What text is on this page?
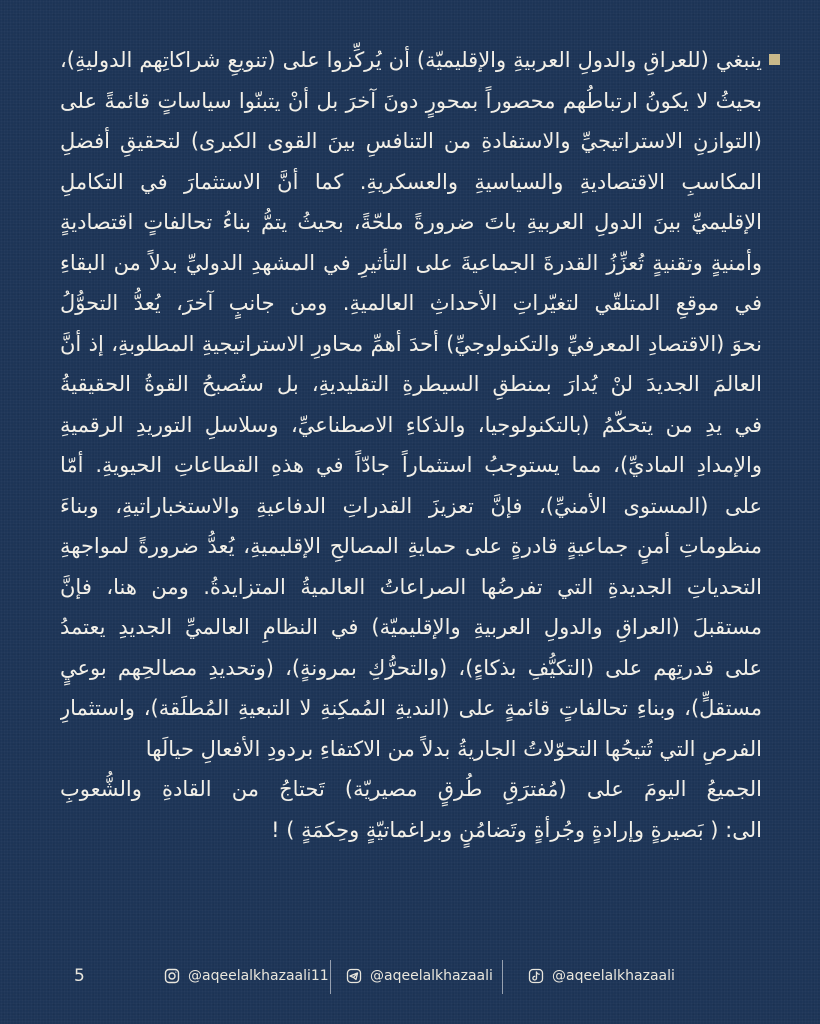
ينبغي (للعراقِ والدولِ العربيةِ والإقليميّة) أن يُركِّزوا على (تنويعِ شراكاتِهم الدوليةِ)،
بحيثُ لا يكونُ ارتباطُهم محصوراً بمحورٍ دونَ آخرَ بل أنْ يتبنّوا سياساتٍ قائمةً على
(التوازنِ الاستراتيجيِّ والاستفادةِ من التنافسِ بينَ القوى الكبرى) لتحقيقِ أفضلِ
المكاسبِ الاقتصاديةِ والسياسيةِ والعسكريةِ. كما أنَّ الاستثمارَ في التكاملِ
الإقليميِّ بينَ الدولِ العربيةِ باتَ ضرورةً ملحّةً، بحيثُ يتمُّ بناءُ تحالفاتٍ اقتصاديةٍ
وأمنيةٍ وتقنيةٍ تُعزِّزُ القدرةَ الجماعيةَ على التأثيرِ في المشهدِ الدوليِّ بدلاً من البقاءِ
في موقعِ المتلقّي لتغيّراتِ الأحداثِ العالميةِ. ومن جانبٍ آخرَ، يُعدُّ التحوُّلُ
نحوَ (الاقتصادِ المعرفيِّ والتكنولوجيِّ) أحدَ أهمِّ محاورِ الاستراتيجيةِ المطلوبةِ، إذ أنَّ
العالمَ الجديدَ لنْ يُدارَ بمنطقِ السيطرةِ التقليديةِ، بل ستُصبحُ القوةُ الحقيقيةُ
في يدِ من يتحكّمُ (بالتكنولوجيا، والذكاءِ الاصطناعيِّ، وسلاسلِ التوريدِ الرقميةِ
والإمدادِ الماديِّ)، مما يستوجبُ استثماراً جادّاً في هذهِ القطاعاتِ الحيويةِ. أمّا
على (المستوى الأمنيِّ)، فإنَّ تعزيزَ القدراتِ الدفاعيةِ والاستخباراتيةِ، وبناءَ
منظوماتِ أمنٍ جماعيةٍ قادرةٍ على حمايةِ المصالحِ الإقليميةِ، يُعدُّ ضرورةً لمواجهةِ
التحدياتِ الجديدةِ التي تفرضُها الصراعاتُ العالميةُ المتزايدةُ. ومن هنا، فإنَّ
مستقبلَ (العراقِ والدولِ العربيةِ والإقليميّة) في النظامِ العالميِّ الجديدِ يعتمدُ
على قدرتِهم على (التكيُّفِ بذكاءٍ)، (والتحرُّكِ بمرونةٍ)، (وتحديدِ مصالحِهم بوعيٍ
مستقلٍّ)، وبناءِ تحالفاتٍ قائمةٍ على (النديةِ المُمكِنةِ لا التبعيةِ المُطلَقة)، واستثمارِ
الفرصِ التي تُتيحُها التحوّلاتُ الجاريةُ بدلاً من الاكتفاءِ بردودِ الأفعالِ حيالَها
الجميعُ اليومَ على (مُفترَقِ طُرقٍ مصيريّة) تَحتاجُ من القادةِ والشُّعوبِ
الى: ( بَصيرةٍ وإرادةٍ وجُرأةٍ وتَضامُنٍ وبراغماتيّةٍ وحِكمَةٍ ) !
5	@aqeelalkhazaali11	@aqeelalkhazaali	@aqeelalkhazaali
